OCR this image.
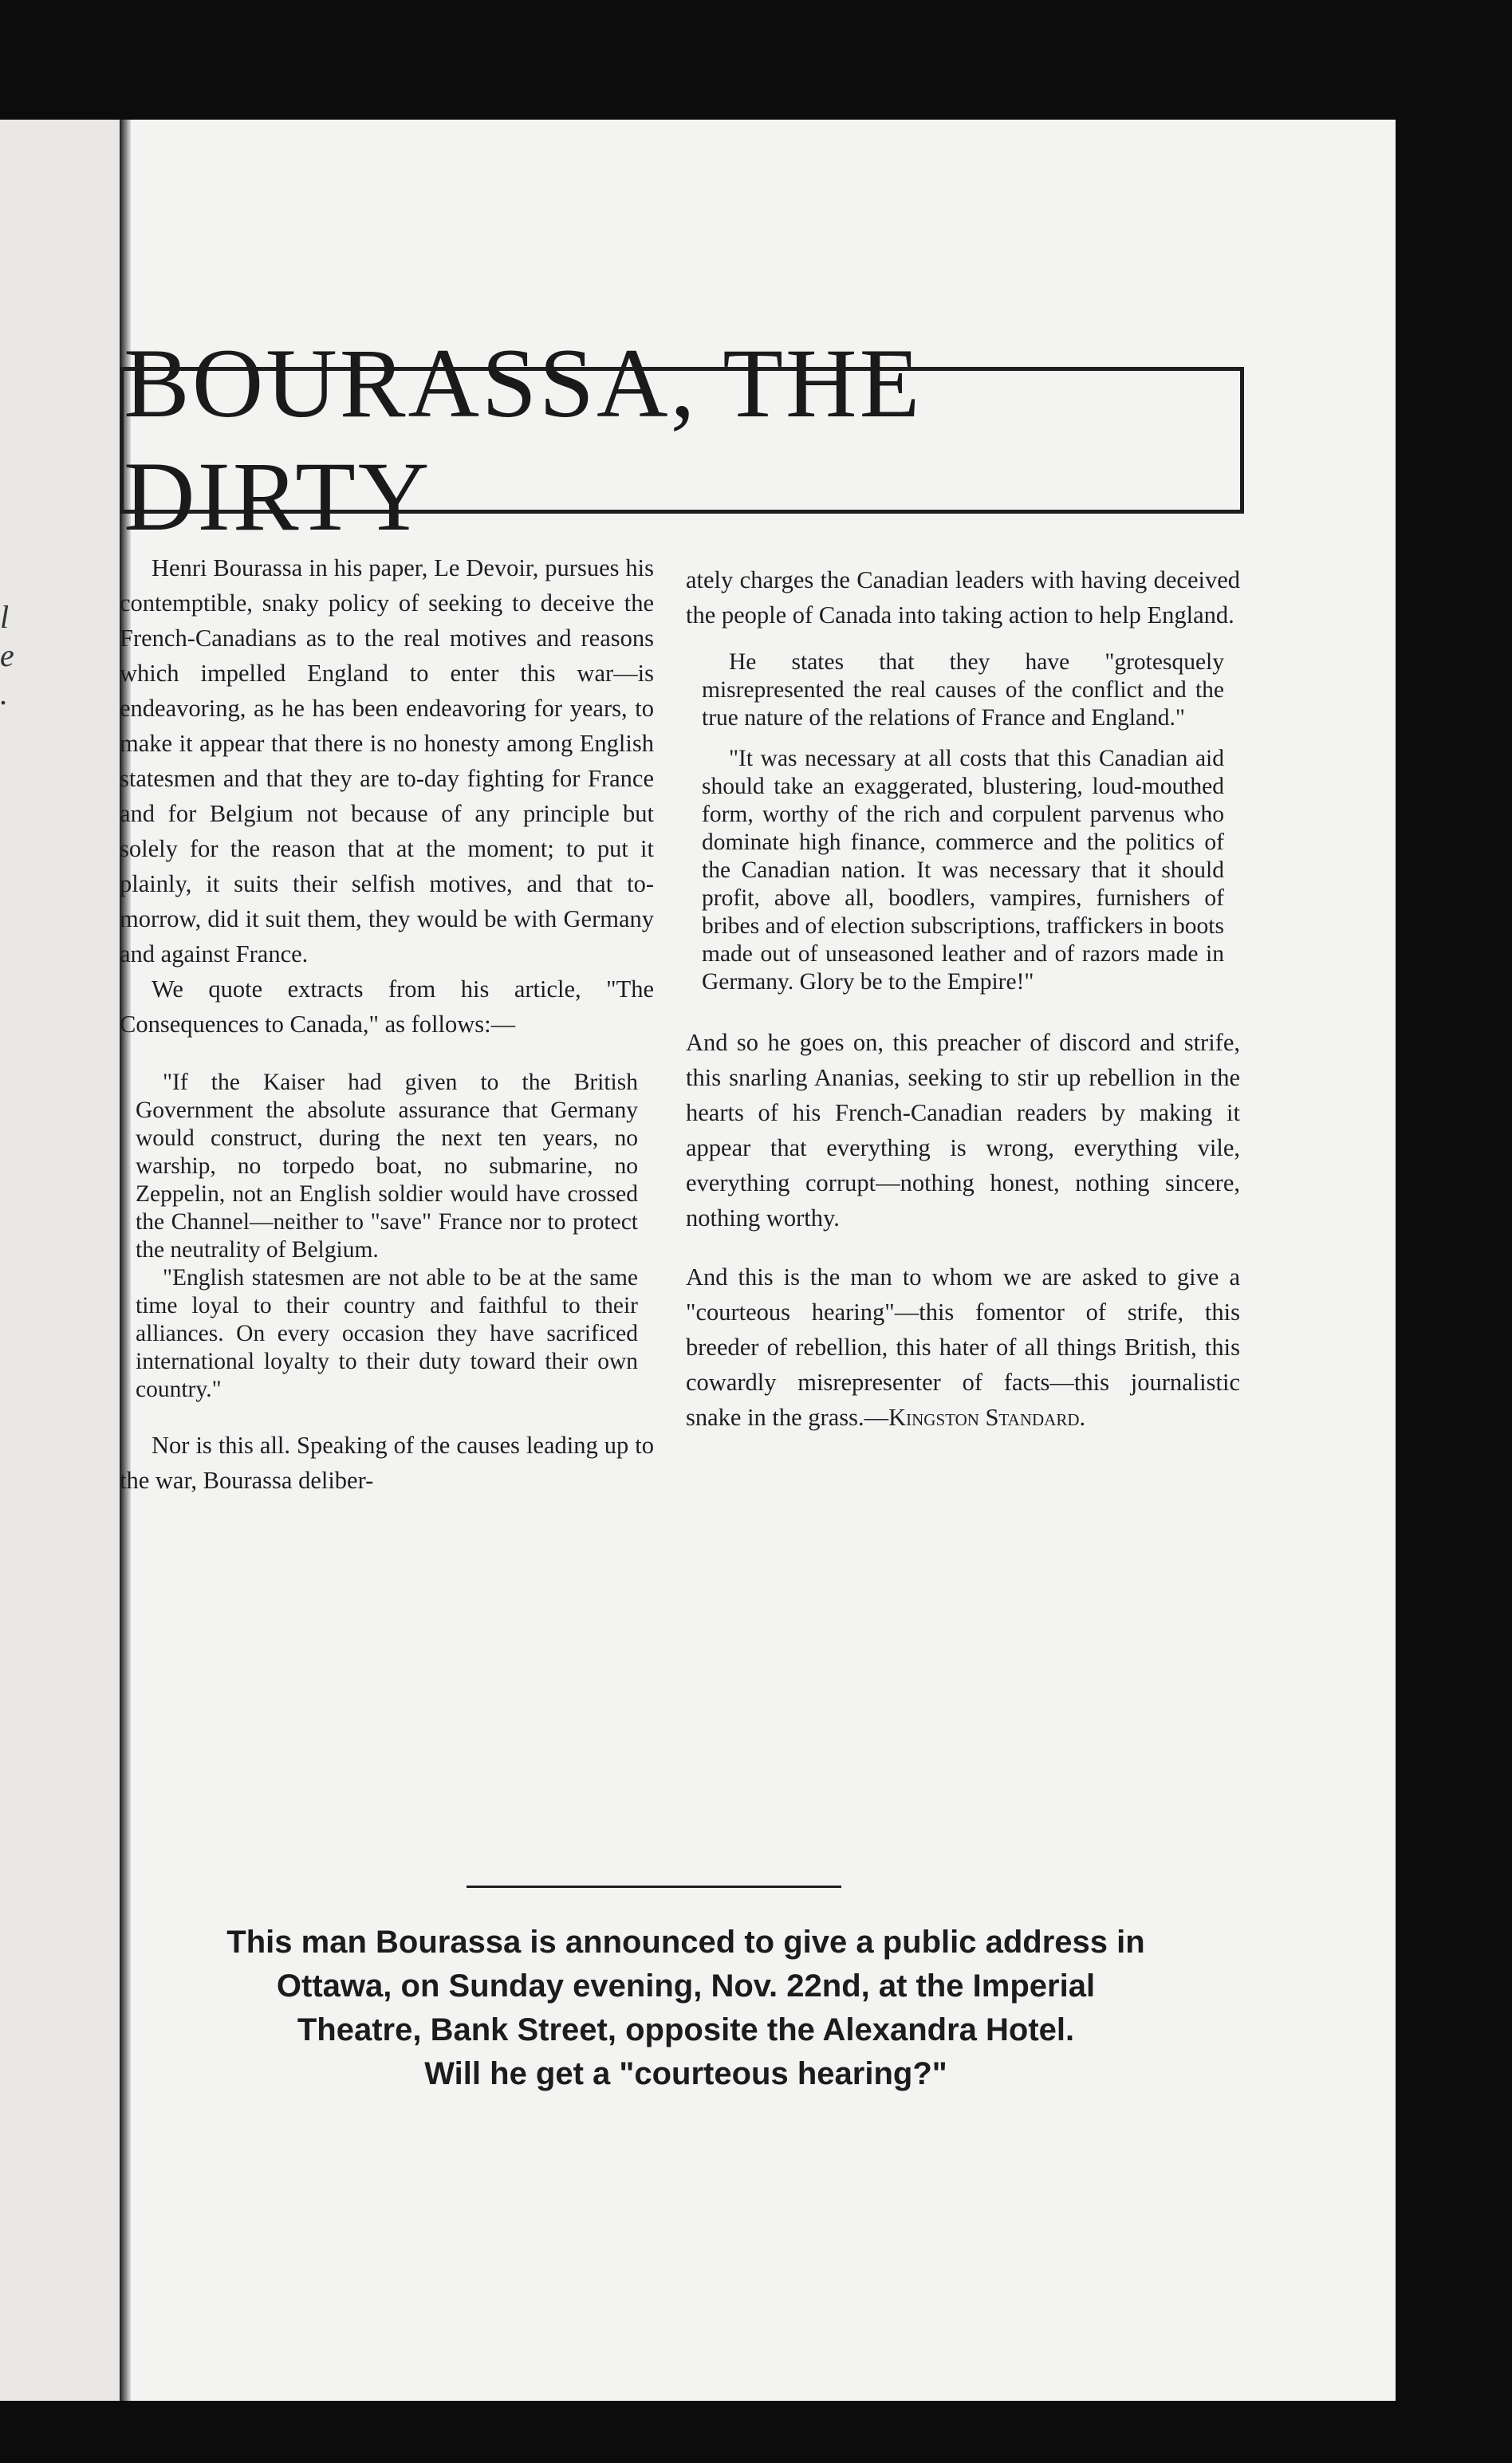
l
e
.
BOURASSA, THE DIRTY

Henri Bourassa in his paper, Le Devoir, pursues his contemptible, snaky policy of seeking to deceive the French-Canadians as to the real motives and reasons which impelled England to enter this war—is endeavoring, as he has been endeavoring for years, to make it appear that there is no honesty among English statesmen and that they are to-day fighting for France and for Belgium not because of any principle but solely for the reason that at the moment; to put it plainly, it suits their selfish motives, and that to-morrow, did it suit them, they would be with Germany and against France.

We quote extracts from his article, "The Consequences to Canada," as follows:—

"If the Kaiser had given to the British Government the absolute assurance that Germany would construct, during the next ten years, no warship, no torpedo boat, no submarine, no Zeppelin, not an English soldier would have crossed the Channel—neither to "save" France nor to protect the neutrality of Belgium.

"English statesmen are not able to be at the same time loyal to their country and faithful to their alliances. On every occasion they have sacrificed international loyalty to their duty toward their own country."

Nor is this all. Speaking of the causes leading up to the war, Bourassa deliber-

ately charges the Canadian leaders with having deceived the people of Canada into taking action to help England.

He states that they have "grotesquely misrepresented the real causes of the conflict and the true nature of the relations of France and England."

"It was necessary at all costs that this Canadian aid should take an exaggerated, blustering, loud-mouthed form, worthy of the rich and corpulent parvenus who dominate high finance, commerce and the politics of the Canadian nation. It was necessary that it should profit, above all, boodlers, vampires, furnishers of bribes and of election subscriptions, traffickers in boots made out of unseasoned leather and of razors made in Germany. Glory be to the Empire!"

And so he goes on, this preacher of discord and strife, this snarling Ananias, seeking to stir up rebellion in the hearts of his French-Canadian readers by making it appear that everything is wrong, everything vile, everything corrupt—nothing honest, nothing sincere, nothing worthy.

And this is the man to whom we are asked to give a "courteous hearing"—this fomentor of strife, this breeder of rebellion, this hater of all things British, this cowardly misrepresenter of facts—this journalistic snake in the grass.—Kingston Standard.

This man Bourassa is announced to give a public address in
Ottawa, on Sunday evening, Nov. 22nd, at the Imperial
Theatre, Bank Street, opposite the Alexandra Hotel.
Will he get a "courteous hearing?"
